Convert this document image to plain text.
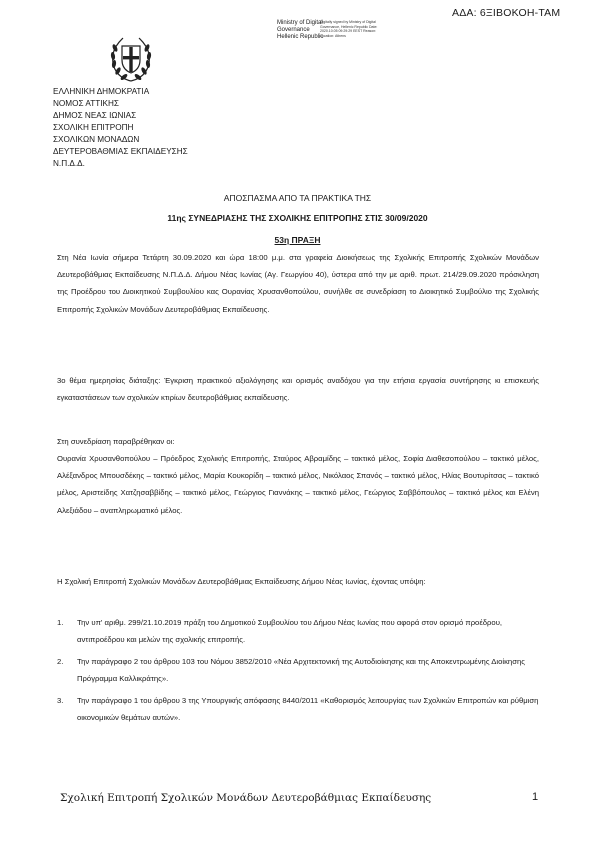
ΑΔΑ: 6ΞΙΒΟΚΟΗ-ΤΑΜ
Ministry of Digital
Governance
Hellenic Republic
Digitally signed by Ministry of Digital Governance, Hellenic Republic Date: 2020.10.05 09:29:29 EEST Reason: Location: Athens
ΕΛΛΗΝΙΚΗ ΔΗΜΟΚΡΑΤΙΑ
ΝΟΜΟΣ ΑΤΤΙΚΗΣ
ΔΗΜΟΣ ΝΕΑΣ ΙΩΝΙΑΣ
ΣΧΟΛΙΚΗ ΕΠΙΤΡΟΠΗ
ΣΧΟΛΙΚΩΝ ΜΟΝΑΔΩΝ
ΔΕΥΤΕΡΟΒΑΘΜΙΑΣ ΕΚΠΑΙΔΕΥΣΗΣ
Ν.Π.Δ.Δ.
ΑΠΟΣΠΑΣΜΑ ΑΠΟ ΤΑ ΠΡΑΚΤΙΚΑ ΤΗΣ
11ης ΣΥΝΕΔΡΙΑΣΗΣ ΤΗΣ ΣΧΟΛΙΚΗΣ ΕΠΙΤΡΟΠΗΣ ΣΤΙΣ 30/09/2020
53η ΠΡΑΞΗ
Στη Νέα Ιωνία σήμερα Τετάρτη 30.09.2020 και ώρα 18:00 μ.μ. στα γραφεία Διοικήσεως της Σχολικής Επιτροπής Σχολικών Μονάδων Δευτεροβάθμιας Εκπαίδευσης Ν.Π.Δ.Δ. Δήμου Νέας Ιωνίας (Αγ. Γεωργίου 40), ύστερα από την με αριθ. πρωτ. 214/29.09.2020 πρόσκληση της Προέδρου του Διοικητικού Συμβουλίου κας Ουρανίας Χρυσανθοπούλου, συνήλθε σε συνεδρίαση το Διοικητικό Συμβούλιο της Σχολικής Επιτροπής Σχολικών Μονάδων Δευτεροβάθμιας Εκπαίδευσης.
3ο θέμα ημερησίας διάταξης: Έγκριση πρακτικού αξιολόγησης και ορισμός αναδόχου για την ετήσια εργασία συντήρησης κι επισκευής εγκαταστάσεων των σχολικών κτιρίων δευτεροβάθμιας εκπαίδευσης.
Στη συνεδρίαση παραβρέθηκαν οι:
Ουρανία Χρυσανθοπούλου – Πρόεδρος Σχολικής Επιτροπής, Σταύρος Αβραμίδης – τακτικό μέλος, Σοφία Διαθεσοπούλου – τακτικό μέλος, Αλέξανδρος Μπουσδέκης – τακτικό μέλος, Μαρία Κουκορίδη – τακτικό μέλος, Νικόλαος Σπανός – τακτικό μέλος, Ηλίας Βουτυρίτσας – τακτικό μέλος, Αριστείδης Χατζησαββίδης – τακτικό μέλος, Γεώργιος Γιαννάκης – τακτικό μέλος, Γεώργιος Σαββόπουλος – τακτικό μέλος και Ελένη Αλεξιάδου – αναπληρωματικό μέλος.
Η Σχολική Επιτροπή Σχολικών Μονάδων Δευτεροβάθμιας Εκπαίδευσης Δήμου Νέας Ιωνίας, έχοντας υπόψη:
1.	Την υπ' αριθμ. 299/21.10.2019 πράξη του Δημοτικού Συμβουλίου του Δήμου Νέας Ιωνίας που αφορά στον ορισμό προέδρου, αντιπροέδρου και μελών της σχολικής επιτροπής.
2.	Την παράγραφο 2 του άρθρου 103 του Νόμου 3852/2010 «Νέα Αρχιτεκτονική της Αυτοδιοίκησης και της Αποκεντρωμένης Διοίκησης Πρόγραμμα Καλλικράτης».
3.	Την παράγραφο 1 του άρθρου 3 της Υπουργικής απόφασης 8440/2011 «Καθορισμός λειτουργίας των Σχολικών Επιτροπών και ρύθμιση οικονομικών θεμάτων αυτών».
Σχολική Επιτροπή Σχολικών Μονάδων Δευτεροβάθμιας Εκπαίδευσης	1
